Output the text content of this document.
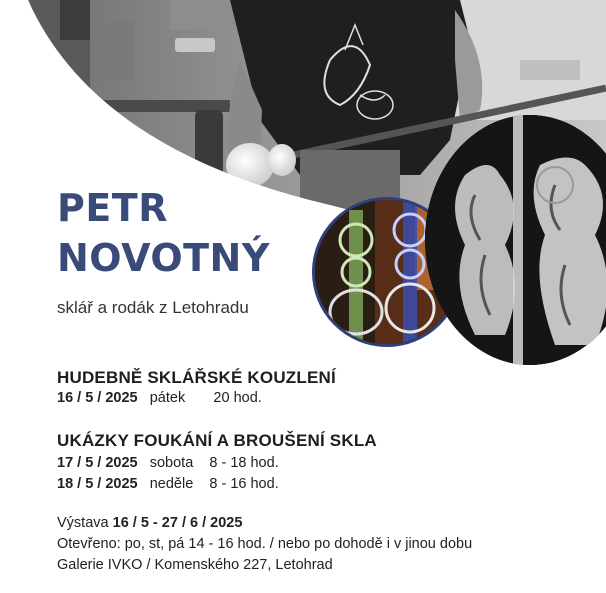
PETR
NOVOTNÝ
sklář a rodák z Letohradu
HUDEBNĚ SKLÁŘSKÉ KOUZLENÍ
16 / 5 / 2025 pátek 20 hod.
UKÁZKY FOUKÁNÍ A BROUŠENÍ SKLA
17 / 5 / 2025 sobota 8 - 18 hod.
18 / 5 / 2025 neděle 8 - 16 hod.
Výstava 16 / 5 - 27 / 6 / 2025
Otevřeno: po, st, pá 14 - 16 hod. / nebo po dohodě i v jinou dobu
Galerie IVKO / Komenského 227, Letohrad
